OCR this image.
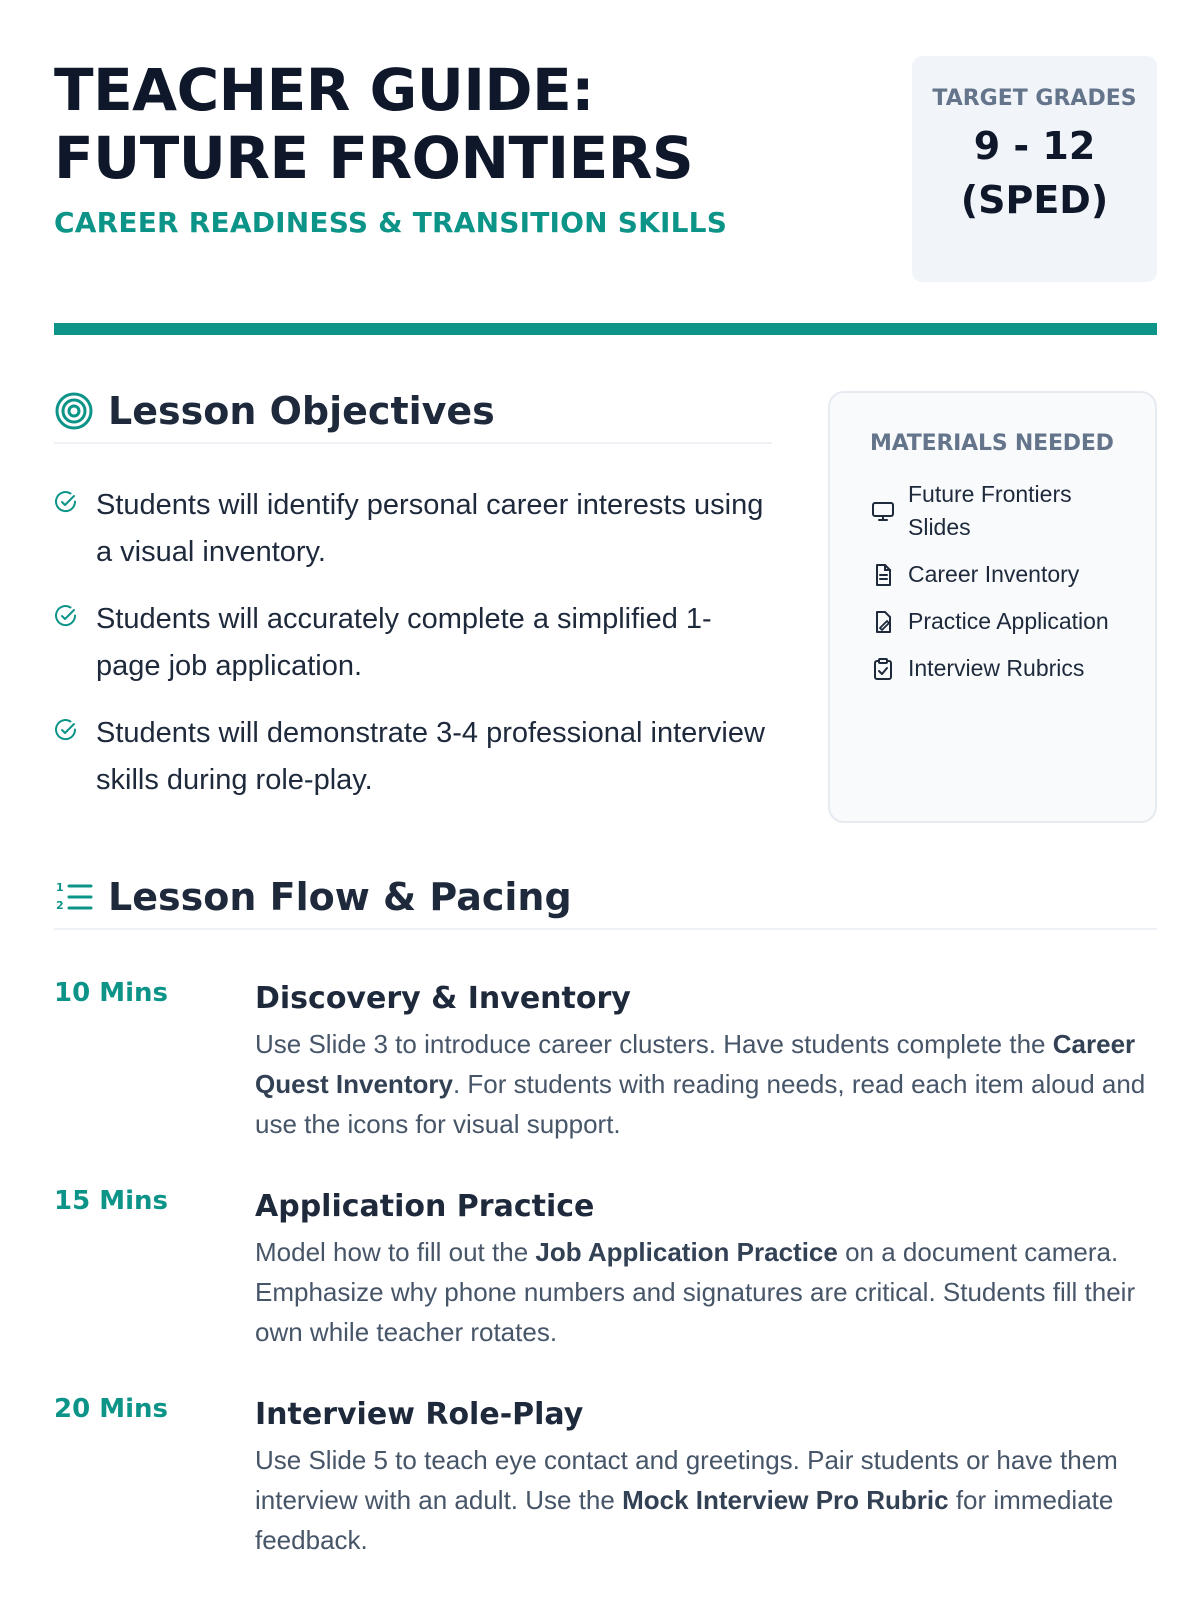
TEACHER GUIDE: FUTURE FRONTIERS
CAREER READINESS & TRANSITION SKILLS
TARGET GRADES
9 - 12 (SPED)
Lesson Objectives
Students will identify personal career interests using a visual inventory.
Students will accurately complete a simplified 1-page job application.
Students will demonstrate 3-4 professional interview skills during role-play.
MATERIALS NEEDED
Future Frontiers Slides
Career Inventory
Practice Application
Interview Rubrics
1
2 Lesson Flow & Pacing
10 Mins	Discovery & Inventory

Use Slide 3 to introduce career clusters. Have students complete the Career Quest Inventory. For students with reading needs, read each item aloud and use the icons for visual support.

15 Mins	Application Practice

Model how to fill out the Job Application Practice on a document camera. Emphasize why phone numbers and signatures are critical. Students fill their own while teacher rotates.

20 Mins	Interview Role-Play

Use Slide 5 to teach eye contact and greetings. Pair students or have them interview with an adult. Use the Mock Interview Pro Rubric for immediate feedback.
